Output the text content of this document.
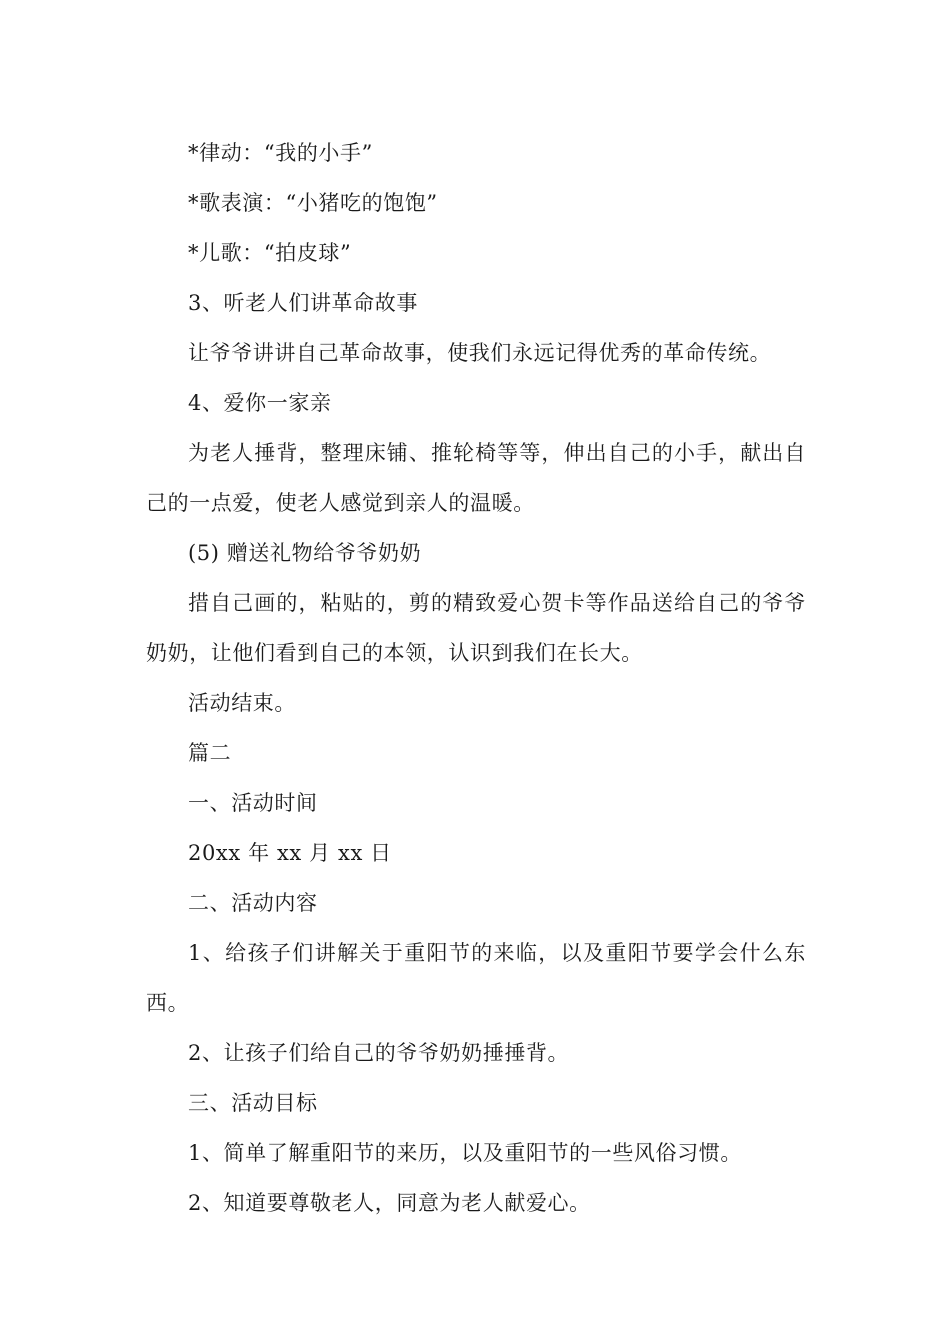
*律动：“我的小手”

*歌表演：“小猪吃的饱饱”

*儿歌：“拍皮球”

3、听老人们讲革命故事

让爷爷讲讲自己革命故事，使我们永远记得优秀的革命传统。

4、爱你一家亲

为老人捶背，整理床铺、推轮椅等等，伸出自己的小手，献出自己的一点爱，使老人感觉到亲人的温暖。

(5) 赠送礼物给爷爷奶奶

措自己画的，粘贴的，剪的精致爱心贺卡等作品送给自己的爷爷奶奶，让他们看到自己的本领，认识到我们在长大。

活动结束。

篇二

一、活动时间

20xx 年 xx 月 xx 日

二、活动内容

1、给孩子们讲解关于重阳节的来临，以及重阳节要学会什么东西。

2、让孩子们给自己的爷爷奶奶捶捶背。

三、活动目标

1、简单了解重阳节的来历，以及重阳节的一些风俗习惯。

2、知道要尊敬老人，同意为老人献爱心。
